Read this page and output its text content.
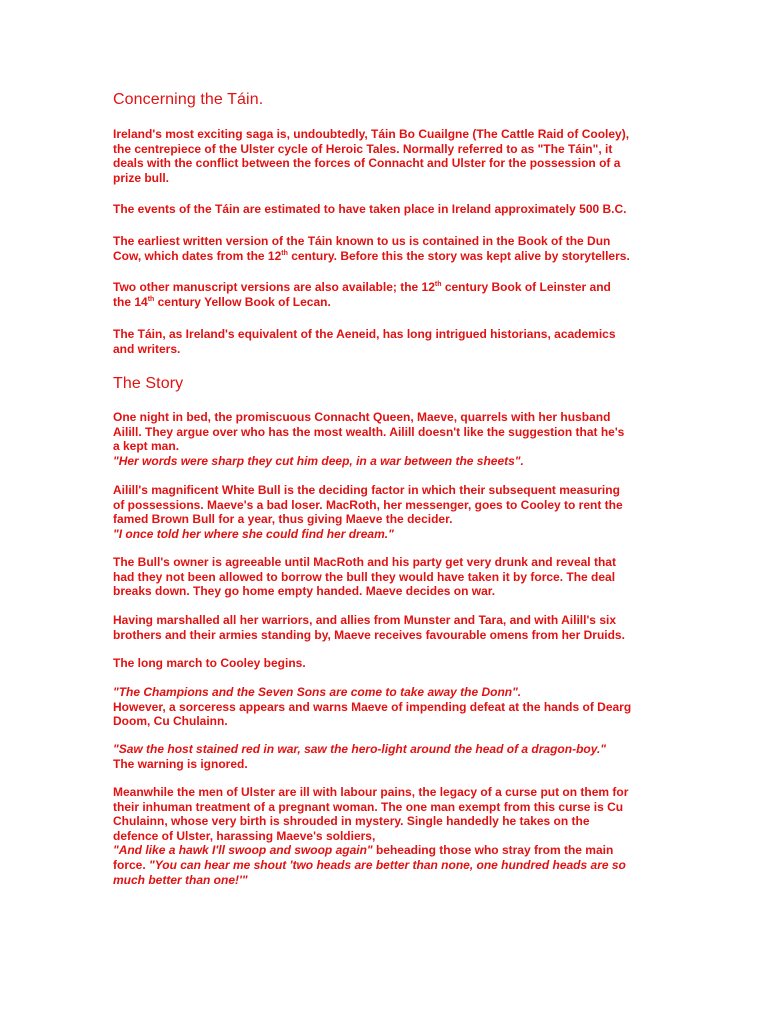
Concerning the Táin.
Ireland's most exciting saga is, undoubtedly, Táin Bo Cuailgne (The Cattle Raid of Cooley),
the centrepiece of the Ulster cycle of Heroic Tales. Normally referred to as "The Táin", it
deals with the conflict between the forces of Connacht and Ulster for the possession of a
prize bull.
The events of the Táin are estimated to have taken place in Ireland approximately 500 B.C.
The earliest written version of the Táin known to us is contained in the Book of the Dun
Cow, which dates from the 12th century. Before this the story was kept alive by storytellers.
Two other manuscript versions are also available; the 12th century Book of Leinster and
the 14th century Yellow Book of Lecan.
The Táin, as Ireland's equivalent of the Aeneid, has long intrigued historians, academics
and writers.
The Story
One night in bed, the promiscuous Connacht Queen, Maeve, quarrels with her husband
Ailill. They argue over who has the most wealth. Ailill doesn't like the suggestion that he's
a kept man.
"Her words were sharp they cut him deep, in a war between the sheets".
Ailill's magnificent White Bull is the deciding factor in which their subsequent measuring
of possessions. Maeve's a bad loser. MacRoth, her messenger, goes to Cooley to rent the
famed Brown Bull for a year, thus giving Maeve the decider.
"I once told her where she could find her dream."
The Bull's owner is agreeable until MacRoth and his party get very drunk and reveal that
had they not been allowed to borrow the bull they would have taken it by force. The deal
breaks down. They go home empty handed. Maeve decides on war.
Having marshalled all her warriors, and allies from Munster and Tara, and with Ailill's six
brothers and their armies standing by, Maeve receives favourable omens from her Druids.
The long march to Cooley begins.
"The Champions and the Seven Sons are come to take away the Donn".
However, a sorceress appears and warns Maeve of impending defeat at the hands of Dearg
Doom, Cu Chulainn.
"Saw the host stained red in war, saw the hero-light around the head of a dragon-boy."
The warning is ignored.
Meanwhile the men of Ulster are ill with labour pains, the legacy of a curse put on them for
their inhuman treatment of a pregnant woman. The one man exempt from this curse is Cu
Chulainn, whose very birth is shrouded in mystery. Single handedly he takes on the
defence of Ulster, harassing Maeve's soldiers,
"And like a hawk I'll swoop and swoop again" beheading those who stray from the main
force. "You can hear me shout 'two heads are better than none, one hundred heads are so
much better than one!'"
